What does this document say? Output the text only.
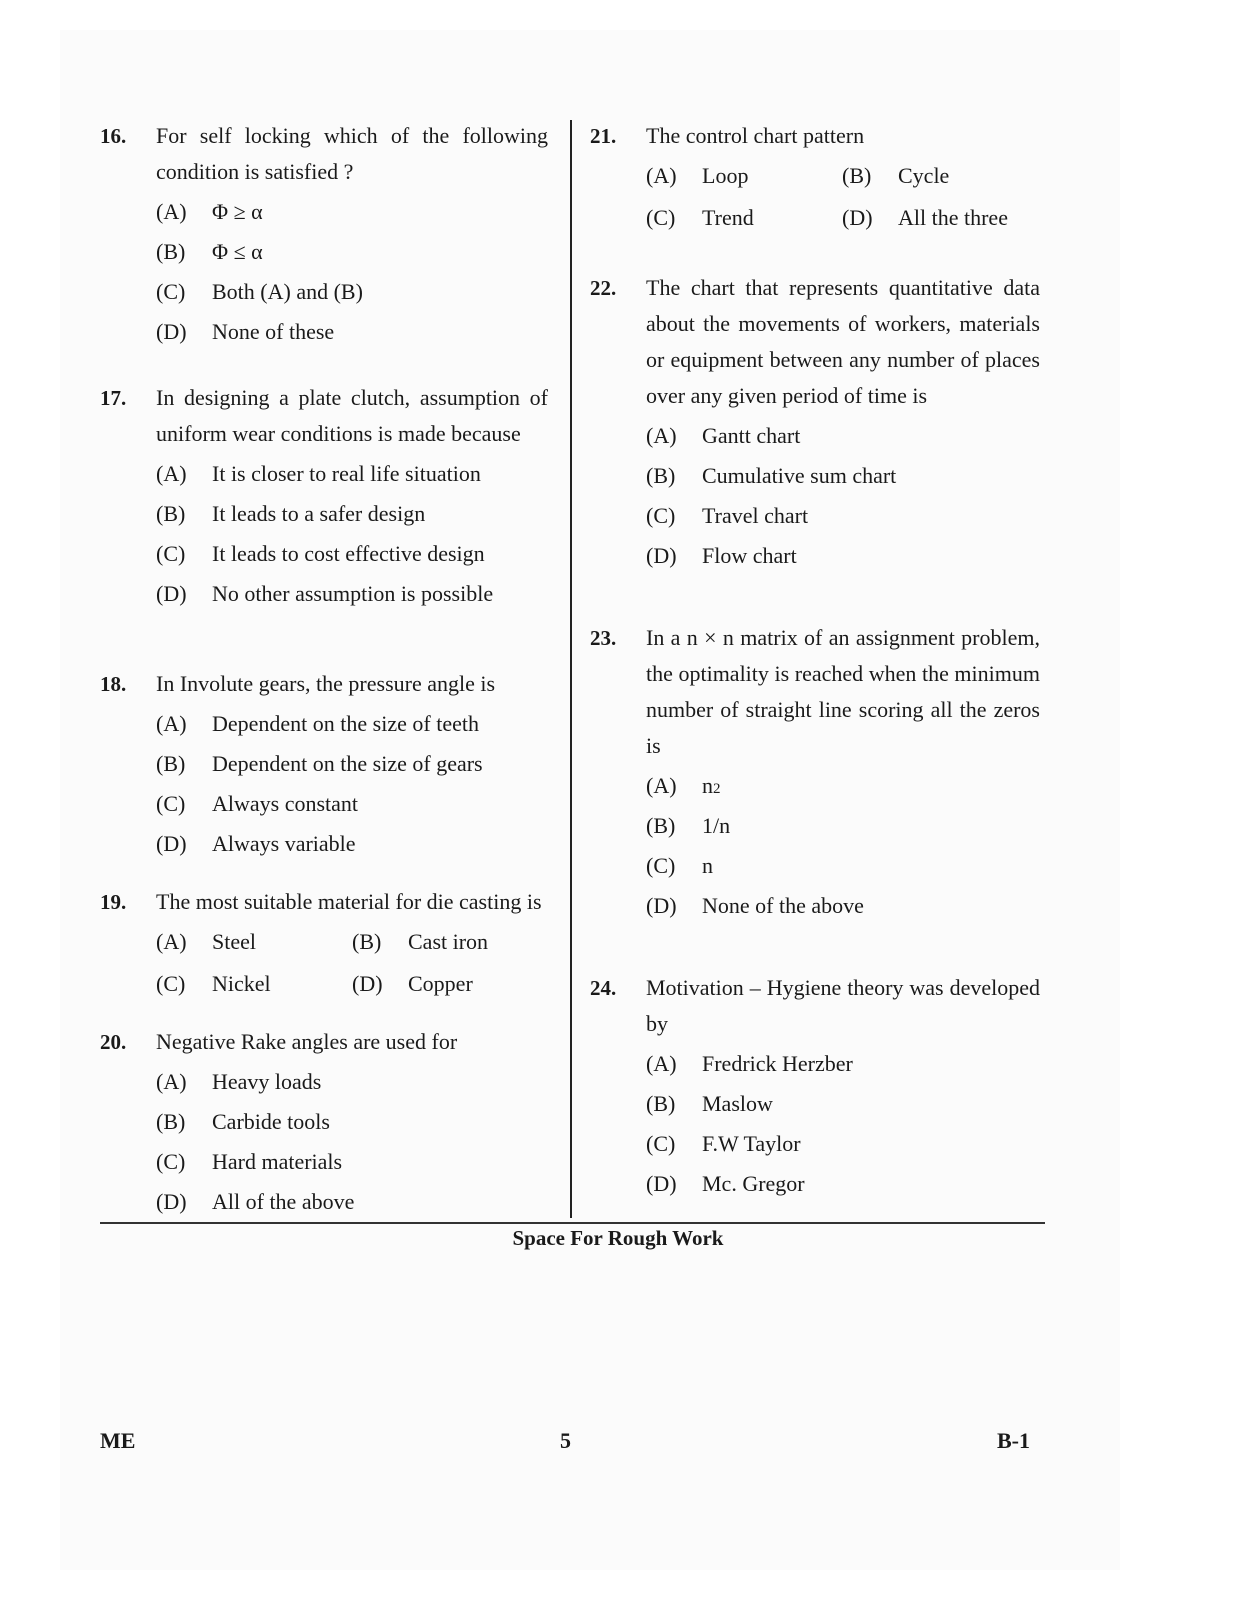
16. For self locking which of the following condition is satisfied ?
(A)	Φ ≥ α
(B)	Φ ≤ α
(C)	Both (A) and (B)
(D)	None of these
17. In designing a plate clutch, assumption of uniform wear conditions is made because
(A)	It is closer to real life situation
(B)	It leads to a safer design
(C)	It leads to cost effective design
(D)	No other assumption is possible
18. In Involute gears, the pressure angle is
(A)	Dependent on the size of teeth
(B)	Dependent on the size of gears
(C)	Always constant
(D)	Always variable
19. The most suitable material for die casting is
(A)	Steel	(B)	Cast iron
(C)	Nickel	(D)	Copper
20. Negative Rake angles are used for
(A)	Heavy loads
(B)	Carbide tools
(C)	Hard materials
(D)	All of the above
21. The control chart pattern
(A)	Loop	(B)	Cycle
(C)	Trend	(D)	All the three
22. The chart that represents quantitative data about the movements of workers, materials or equipment between any number of places over any given period of time is
(A)	Gantt chart
(B)	Cumulative sum chart
(C)	Travel chart
(D)	Flow chart
23. In a n × n matrix of an assignment problem, the optimality is reached when the minimum number of straight line scoring all the zeros is
(A)	n 2
(B)	1/n
(C)	n
(D)	None of the above
24. Motivation – Hygiene theory was developed by
(A)	Fredrick Herzber
(B)	Maslow
(C)	F.W Taylor
(D)	Mc. Gregor
Space For Rough Work
ME	5	B-1
